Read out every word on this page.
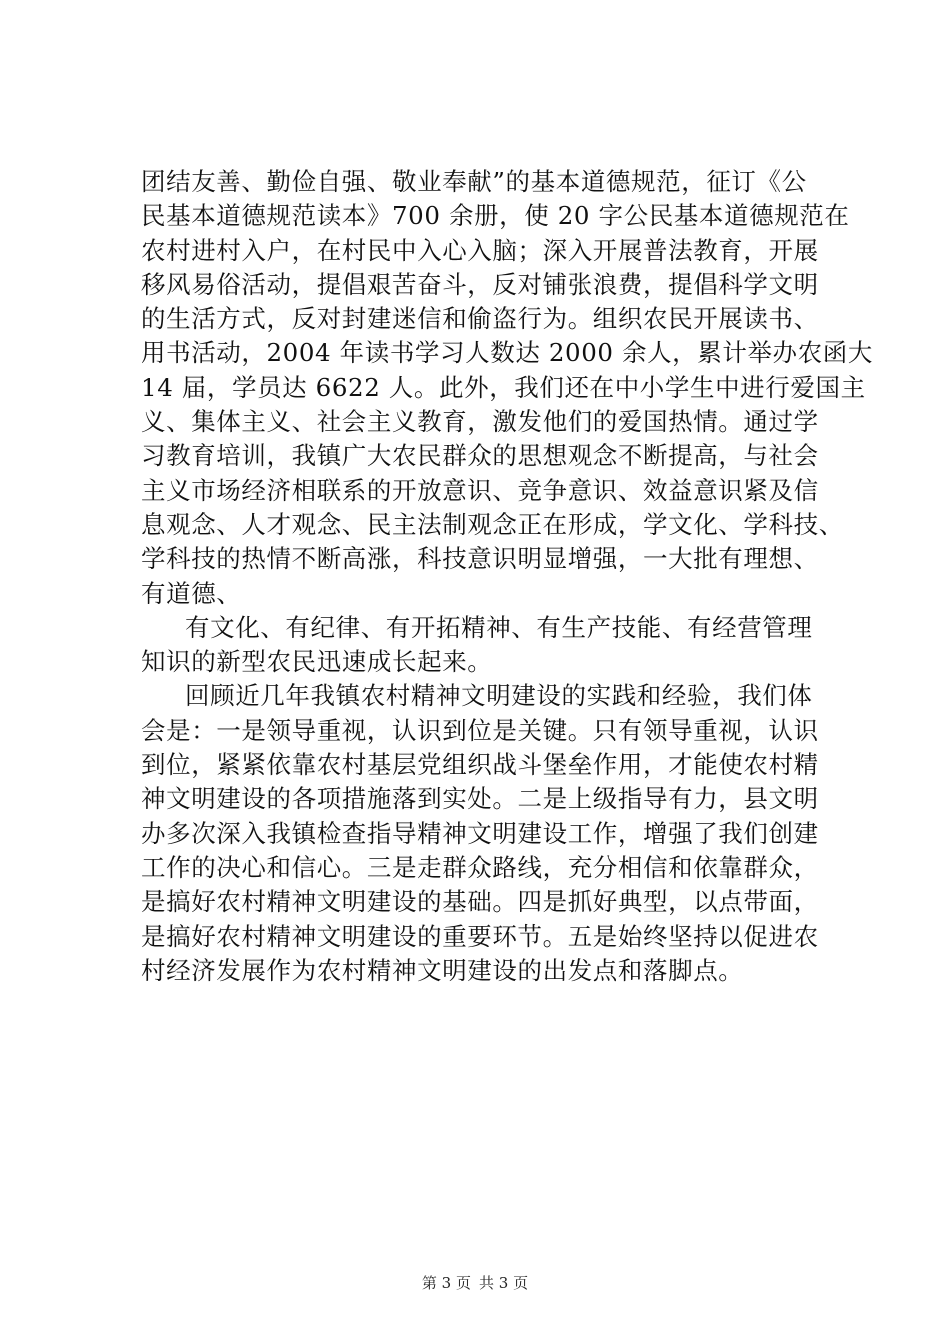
团结友善、勤俭自强、敬业奉献”的基本道德规范，征订《公
民基本道德规范读本》700 余册，使 20 字公民基本道德规范在
农村进村入户，在村民中入心入脑；深入开展普法教育，开展
移风易俗活动，提倡艰苦奋斗，反对铺张浪费，提倡科学文明
的生活方式，反对封建迷信和偷盗行为。组织农民开展读书、
用书活动，2004 年读书学习人数达 2000 余人，累计举办农函大
14 届，学员达 6622 人。此外，我们还在中小学生中进行爱国主
义、集体主义、社会主义教育，激发他们的爱国热情。通过学
习教育培训，我镇广大农民群众的思想观念不断提高，与社会
主义市场经济相联系的开放意识、竞争意识、效益意识紧及信
息观念、人才观念、民主法制观念正在形成，学文化、学科技、
学科技的热情不断高涨，科技意识明显增强，一大批有理想、
有道德、
有文化、有纪律、有开拓精神、有生产技能、有经营管理
知识的新型农民迅速成长起来。
回顾近几年我镇农村精神文明建设的实践和经验，我们体
会是：一是领导重视，认识到位是关键。只有领导重视，认识
到位，紧紧依靠农村基层党组织战斗堡垒作用，才能使农村精
神文明建设的各项措施落到实处。二是上级指导有力，县文明
办多次深入我镇检查指导精神文明建设工作，增强了我们创建
工作的决心和信心。三是走群众路线，充分相信和依靠群众，
是搞好农村精神文明建设的基础。四是抓好典型，以点带面，
是搞好农村精神文明建设的重要环节。五是始终坚持以促进农
村经济发展作为农村精神文明建设的出发点和落脚点。
第 3 页 共 3 页
